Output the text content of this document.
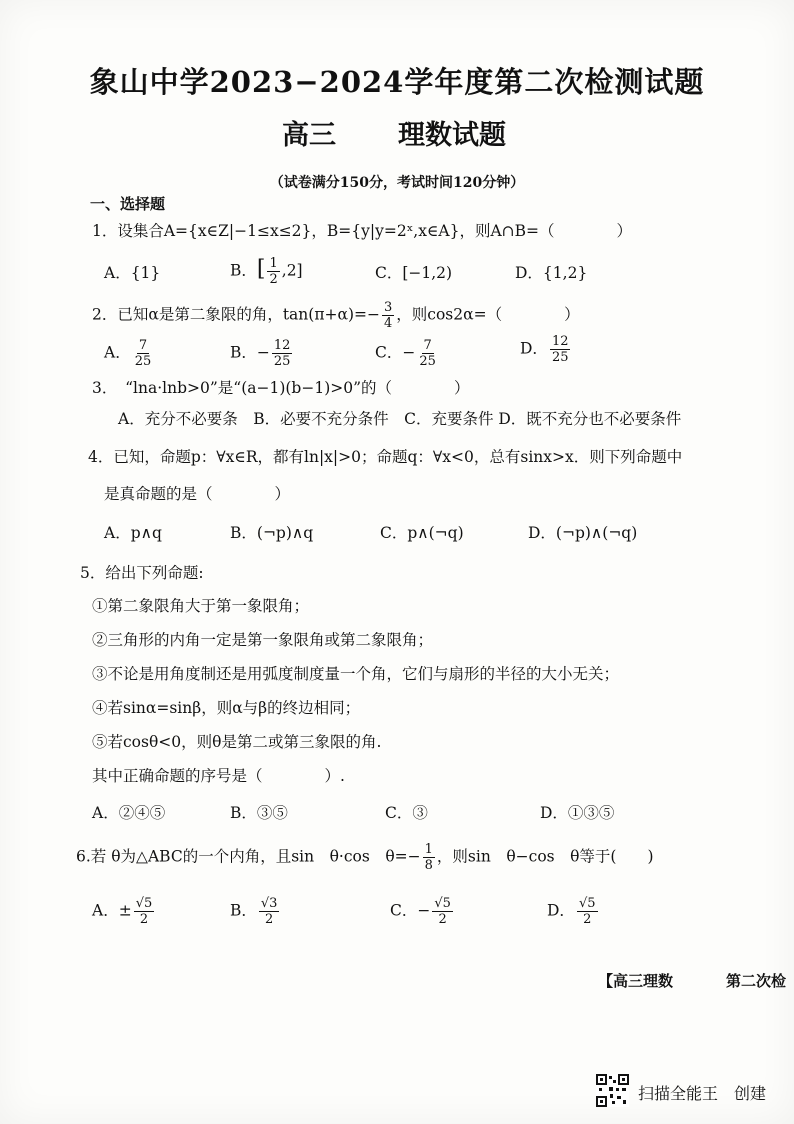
象山中学2023−2024学年度第二次检测试题
高三 理数试题
（试卷满分150分，考试时间120分钟）
一、选择题
1．设集合A={x∈Z|−1≤x≤2}，B={y|y=2ˣ,x∈A}，则A∩B=（　　　　）
A．{1}	B．[ $\frac{1}{2} ,2$]	C．[−1,2)	D．{1,2}
2．已知α是第二象限的角，$\tan(\pi+\alpha)=- \frac{3}{4}$ ，则cos2α=（　　　　）
A． $\frac{7}{25}$	B．− $\frac{12}{25}$	C．− $\frac{7}{25}$	D． $\frac{12}{25}$
3．　“lna·lnb>0”是“(a−1)(b−1)>0”的（　　　　）
A．充分不必要条　B．必要不充分条件　C．充要条件 D．既不充分也不必要条件
4．已知，命题p：∀x∈R，都有ln|x|>0；命题q：∀x<0，总有sinx>x．则下列命题中
是真命题的是（　　　　）
A．p∧q	B．(¬p)∧q	C．p∧(¬q)	D．(¬p)∧(¬q)
5．给出下列命题:
①第二象限角大于第一象限角；
②三角形的内角一定是第一象限角或第二象限角；
③不论是用角度制还是用弧度制度量一个角，它们与扇形的半径的大小无关；
④若sinα=sinβ，则α与β的终边相同；
⑤若cosθ<0，则θ是第二或第三象限的角.
其中正确命题的序号是（　　　　）.
A．②④⑤	B．③⑤	C．③	D．①③⑤
6.若 θ为△ABC的一个内角，且sin　θ·cos　$\theta=- \frac{1}{8}$ ，则sin　θ−cos　θ等于(　　)
A．± $\frac{√5}{2}$	B． $\frac{√3}{2}$	C．− $\frac{√5}{2}$	D． $\frac{√5}{2}$
【高三理数	第二次检
扫描全能王　创建
